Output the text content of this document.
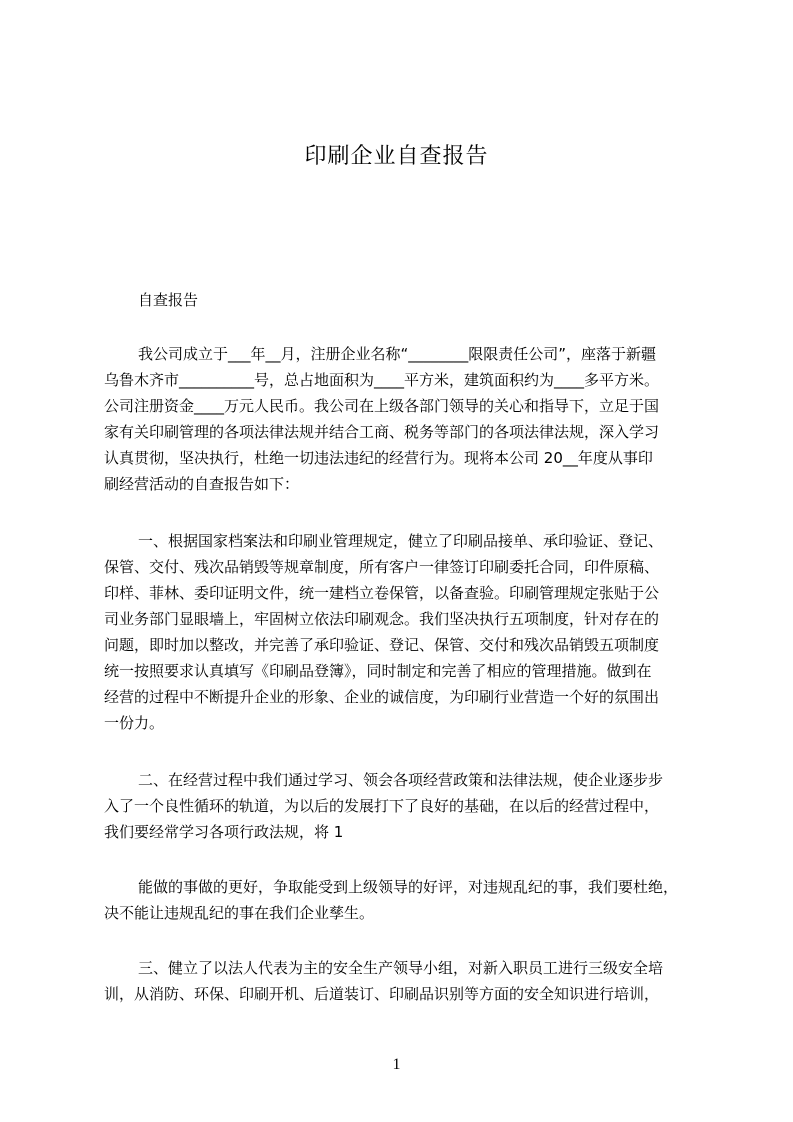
印刷企业自查报告
自查报告
我公司成立于___年__月，注册企业名称“________限限责任公司”，座落于新疆
乌鲁木齐市__________号，总占地面积为____平方米，建筑面积约为____多平方米。
公司注册资金____万元人民币。我公司在上级各部门领导的关心和指导下，立足于国
家有关印刷管理的各项法律法规并结合工商、税务等部门的各项法律法规，深入学习
认真贯彻，坚决执行，杜绝一切违法违纪的经营行为。现将本公司 20__年度从事印
刷经营活动的自查报告如下：
一、根据国家档案法和印刷业管理规定，健立了印刷品接单、承印验证、登记、
保管、交付、残次品销毁等规章制度，所有客户一律签订印刷委托合同，印件原稿、
印样、菲林、委印证明文件，统一建档立卷保管，以备查验。印刷管理规定张贴于公
司业务部门显眼墙上，牢固树立依法印刷观念。我们坚决执行五项制度，针对存在的
问题，即时加以整改，并完善了承印验证、登记、保管、交付和残次品销毁五项制度
统一按照要求认真填写《印刷品登簿》，同时制定和完善了相应的管理措施。做到在
经营的过程中不断提升企业的形象、企业的诚信度，为印刷行业营造一个好的氛围出
一份力。
二、在经营过程中我们通过学习、领会各项经营政策和法律法规，使企业逐步步
入了一个良性循环的轨道，为以后的发展打下了良好的基础，在以后的经营过程中，
我们要经常学习各项行政法规，将 1
能做的事做的更好，争取能受到上级领导的好评，对违规乱纪的事，我们要杜绝，
决不能让违规乱纪的事在我们企业孳生。
三、健立了以法人代表为主的安全生产领导小组，对新入职员工进行三级安全培
训，从消防、环保、印刷开机、后道装订、印刷品识别等方面的安全知识进行培训，
1
